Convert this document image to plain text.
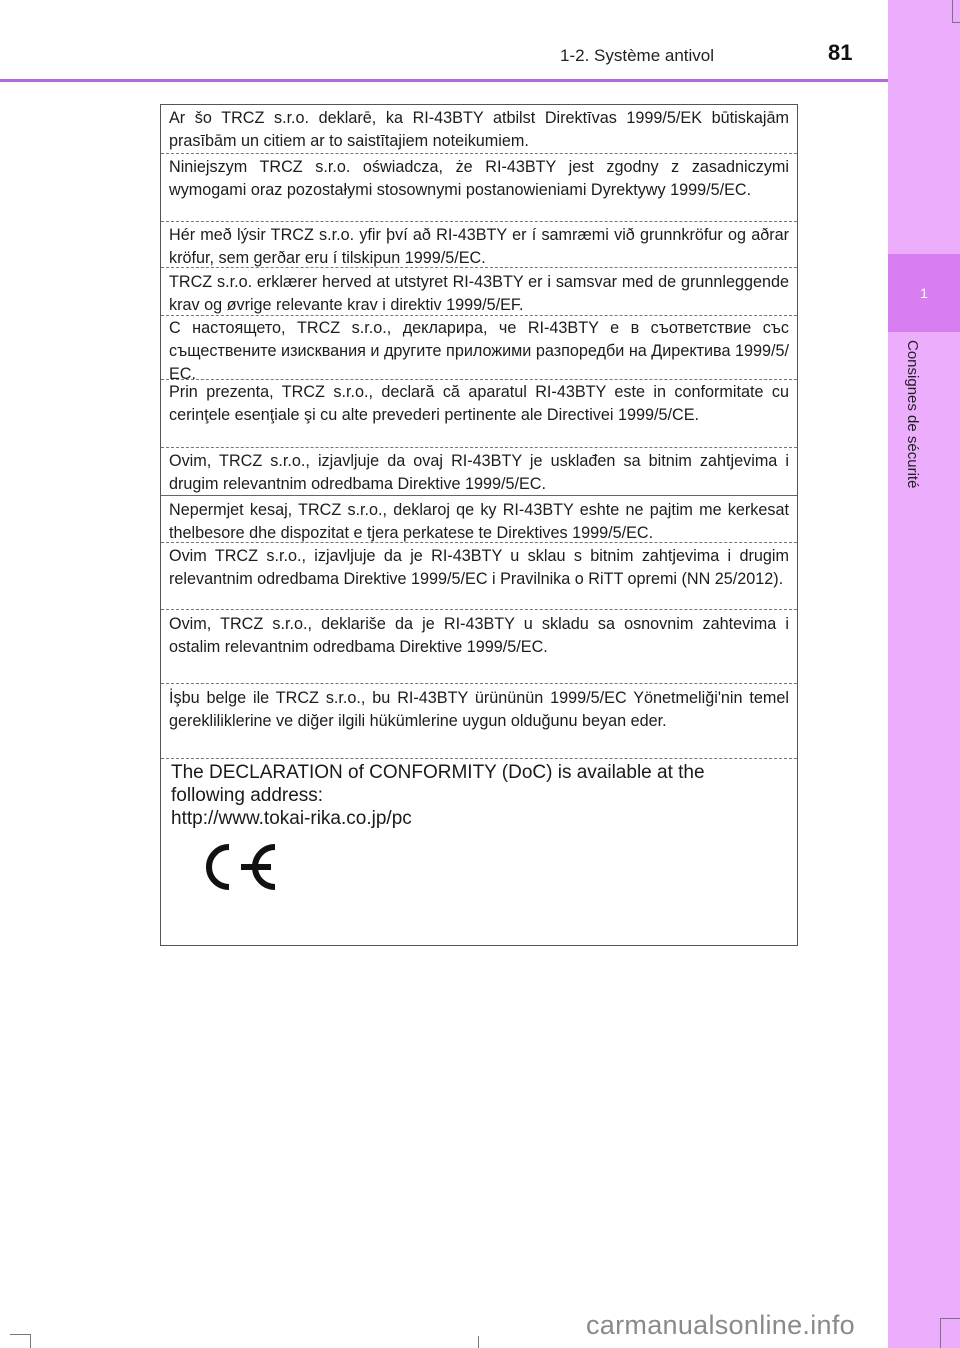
1-2. Système antivol	81
1
Consignes de sécurité
Ar šo TRCZ s.r.o. deklarē, ka RI-43BTY atbilst Direktīvas 1999/5/EK būtiskajām prasībām un citiem ar to saistītajiem noteikumiem.
Niniejszym TRCZ s.r.o. oświadcza, że RI-43BTY jest zgodny z zasadniczymi wymogami oraz pozostałymi stosownymi postanowieniami Dyrektywy 1999/5/EC.
Hér með lýsir TRCZ s.r.o. yfir því að RI-43BTY er í samræmi við grunnkröfur og aðrar kröfur, sem gerðar eru í tilskipun 1999/5/EC.
TRCZ s.r.o. erklærer herved at utstyret RI-43BTY er i samsvar med de grunnleggende krav og øvrige relevante krav i direktiv 1999/5/EF.
С настоящето, TRCZ s.r.o., декларира, че RI-43BTY е в съответствие със съществените изисквания и другите приложими разпоредби на Директива 1999/5/ЕС.
Prin prezenta, TRCZ s.r.o., declară că aparatul RI-43BTY este in conformitate cu cerinţele esenţiale şi cu alte prevederi pertinente ale Directivei 1999/5/CE.
Ovim, TRCZ s.r.o., izjavljuje da ovaj RI-43BTY je usklađen sa bitnim zahtjevima i drugim relevantnim odredbama Direktive 1999/5/EC.
Nepermjet kesaj, TRCZ s.r.o., deklaroj qe ky RI-43BTY eshte ne pajtim me kerkesat thelbesore dhe dispozitat e tjera perkatese te Direktives 1999/5/EC.
Ovim TRCZ s.r.o., izjavljuje da je RI-43BTY u sklau s bitnim zahtjevima i drugim relevantnim odredbama Direktive 1999/5/EC i Pravilnika o RiTT opremi (NN 25/2012).
Ovim, TRCZ s.r.o., deklariše da je RI-43BTY u skladu sa osnovnim zahtevima i ostalim relevantnim odredbama Direktive 1999/5/EC.
İşbu belge ile TRCZ s.r.o., bu RI-43BTY ürününün 1999/5/EC Yönetmeliği'nin temel gerekliliklerine ve diğer ilgili hükümlerine uygun olduğunu beyan eder.
The DECLARATION of CONFORMITY (DoC) is available at the
following address:
http://www.tokai-rika.co.jp/pc
carmanualsonline.info
